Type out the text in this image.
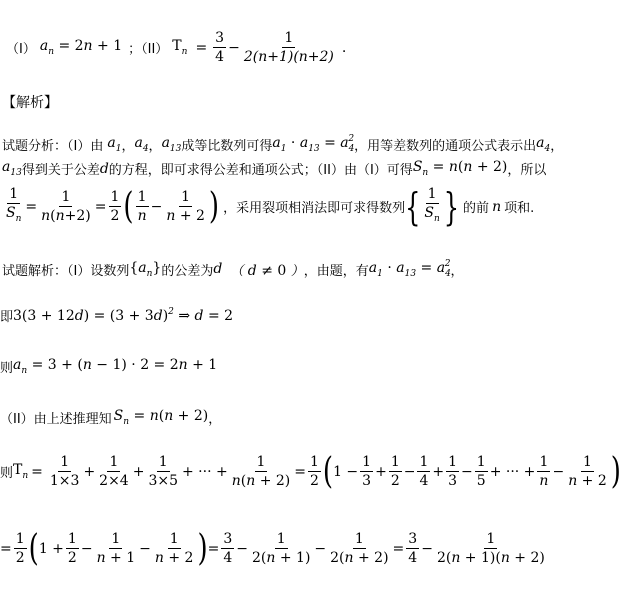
（I） $a_n = 2n + 1$ ；（II） $T_n = \frac{3}{4} - \frac{1}{2(n+1)(n+2)}$ .
【解析】
试题分析：（I）由 $a_1$ ， $a_4$ ， $a_{13}$ 成等比数列可得 $a_1 \cdot a_{13} = a_4^2$ ，用等差数列的通项公式表示出 $a_4$ ，
$a_{13}$ 得到关于公差 d 的方程，即可求得公差和通项公式；（II）由（I）可得 $S_n = n(n + 2)$ ，所以
$\frac{1}{S_n} = \frac{1}{n(n+2)} = \frac{1}{2}$ ( $\frac{1}{n} - \frac{1}{n + 2}$ ) ，采用裂项相消法即可求得数列 { $\frac{1}{S_n}$ } 的前 n 项和.
试题解析：（I）设数列 $\{a_n\}$ 的公差为 d （ d ≠ 0 ） ，由题，有 $a_1 \cdot a_{13} = a_4^2$ ，
即 $3(3 + 12d) = (3 + 3d)^2$ ⇒ d = 2
则 $a_n = 3 + (n - 1) \cdot 2 = 2n + 1$
（II）由上述推理知 $S_n = n(n + 2)$ ，
则 $T_n = \frac{1}{1\times 3} + \frac{1}{2\times 4} + \frac{1}{3\times 5}$ + ··· + $\frac{1}{n(n + 2)} = \frac{1}{2}$ ( $1 - \frac{1}{3} + \frac{1}{2} - \frac{1}{4} + \frac{1}{3} - \frac{1}{5}$ + ··· + $\frac{1}{n} - \frac{1}{n + 2}$ )
= $\frac{1}{2}$ ( $1 + \frac{1}{2} - \frac{1}{n + 1} - \frac{1}{n + 2}$ ) = $\frac{3}{4} - \frac{1}{2(n + 1)} - \frac{1}{2(n + 2)} = \frac{3}{4} - \frac{1}{2(n + 1)(n + 2)}$
